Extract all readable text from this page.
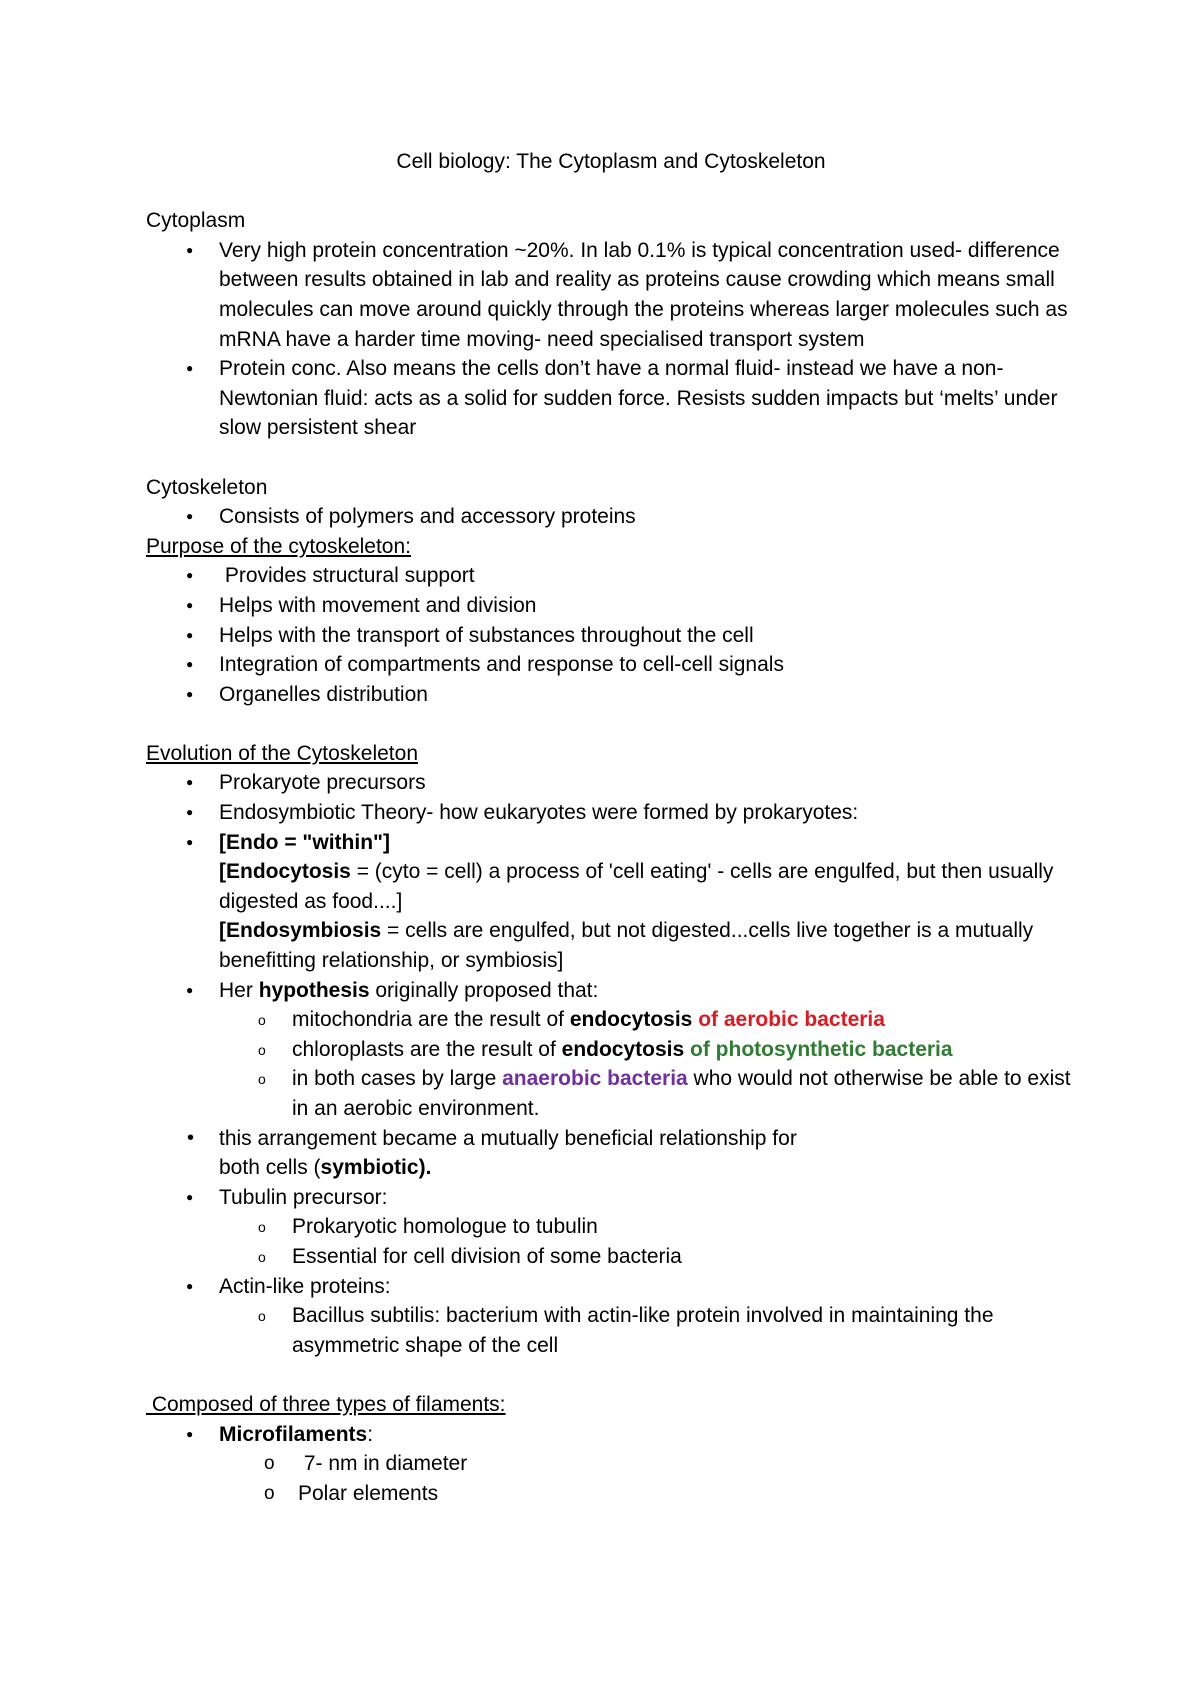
Cell biology: The Cytoplasm and Cytoskeleton

Cytoplasm

● Very high protein concentration ~20%. In lab 0.1% is typical concentration used- difference between results obtained in lab and reality as proteins cause crowding which means small molecules can move around quickly through the proteins whereas larger molecules such as mRNA have a harder time moving- need specialised transport system
● Protein conc. Also means the cells don’t have a normal fluid- instead we have a non-Newtonian fluid: acts as a solid for sudden force. Resists sudden impacts but ‘melts’ under slow persistent shear

Cytoskeleton

● Consists of polymers and accessory proteins

Purpose of the cytoskeleton:

●  Provides structural support
● Helps with movement and division
● Helps with the transport of substances throughout the cell
● Integration of compartments and response to cell-cell signals
● Organelles distribution

Evolution of the Cytoskeleton

● Prokaryote precursors
● Endosymbiotic Theory- how eukaryotes were formed by prokaryotes:
● [Endo = "within"]
[Endocytosis = (cyto = cell) a process of 'cell eating' - cells are engulfed, but then usually digested as food....]
[Endosymbiosis = cells are engulfed, but not digested...cells live together is a mutually benefitting relationship, or symbiosis]
● Her hypothesis originally proposed that:
o mitochondria are the result of endocytosis of aerobic bacteria
o chloroplasts are the result of endocytosis of photosynthetic bacteria
o in both cases by large anaerobic bacteria who would not otherwise be able to exist in an aerobic environment.
• this arrangement became a mutually beneficial relationship for both cells (symbiotic).
● Tubulin precursor:
o Prokaryotic homologue to tubulin
o Essential for cell division of some bacteria
● Actin-like proteins:
o Bacillus subtilis: bacterium with actin-like protein involved in maintaining the asymmetric shape of the cell

Composed of three types of filaments:

● Microfilaments:
o  7- nm in diameter
o Polar elements
